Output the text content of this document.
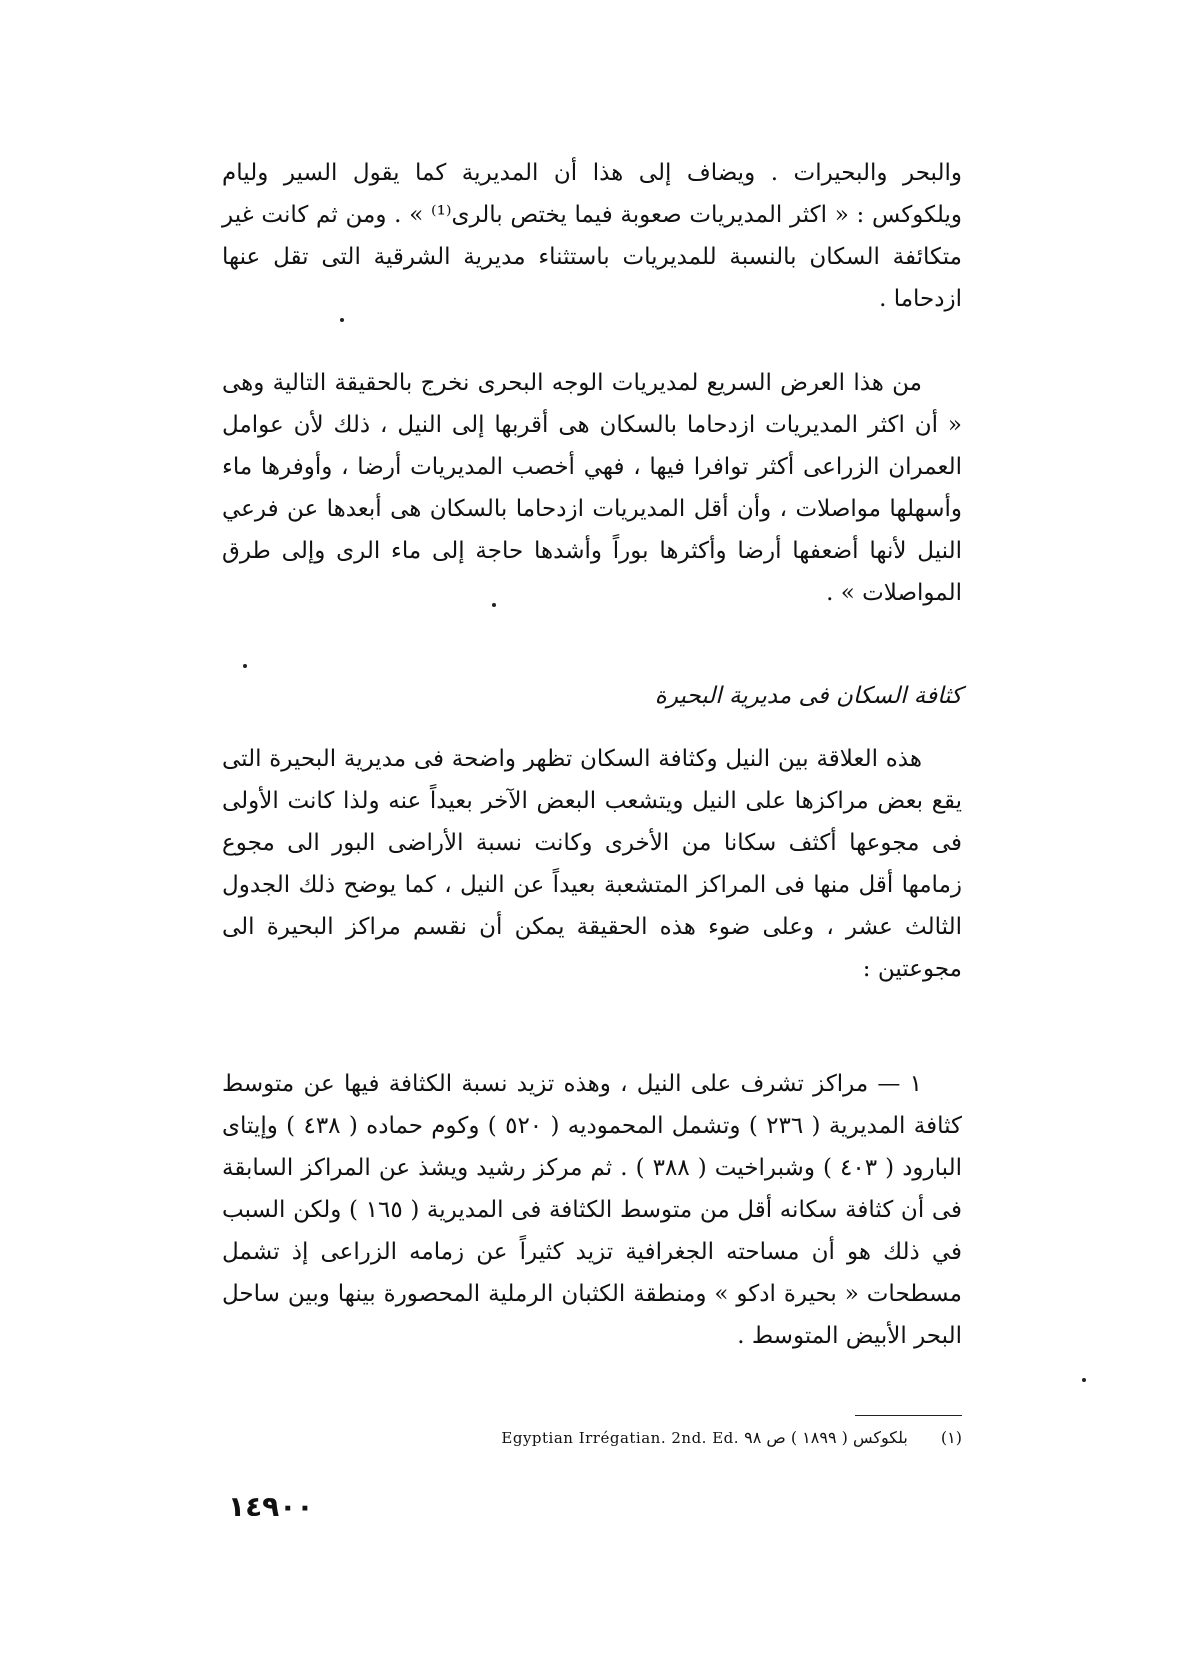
والبحر والبحيرات . ويضاف إلى هذا أن المديرية كما يقول السير وليام ويلكوكس : « اكثر المديريات صعوبة فيما يختص بالرى⁽¹⁾ » . ومن ثم كانت غير متكائفة السكان بالنسبة للمديريات باستثناء مديرية الشرقية التى تقل عنها ازدحاما .

من هذا العرض السريع لمديريات الوجه البحرى نخرج بالحقيقة التالية وهى « أن اكثر المديريات ازدحاما بالسكان هى أقربها إلى النيل ، ذلك لأن عوامل العمران الزراعى أكثر توافرا فيها ، فهي أخصب المديريات أرضا ، وأوفرها ماء وأسهلها مواصلات ، وأن أقل المديريات ازدحاما بالسكان هى أبعدها عن فرعي النيل لأنها أضعفها أرضا وأكثرها بوراً وأشدها حاجة إلى ماء الرى وإلى طرق المواصلات » .

كثافة السكان فى مديرية البحيرة

هذه العلاقة بين النيل وكثافة السكان تظهر واضحة فى مديرية البحيرة التى يقع بعض مراكزها على النيل ويتشعب البعض الآخر بعيداً عنه ولذا كانت الأولى فى مجوعها أكثف سكانا من الأخرى وكانت نسبة الأراضى البور الى مجوع زمامها أقل منها فى المراكز المتشعبة بعيداً عن النيل ، كما يوضح ذلك الجدول الثالث عشر ، وعلى ضوء هذه الحقيقة يمكن أن نقسم مراكز البحيرة الى مجوعتين :

١ — مراكز تشرف على النيل ، وهذه تزيد نسبة الكثافة فيها عن متوسط كثافة المديرية ( ٢٣٦ ) وتشمل المحموديه ( ٥٢٠ ) وكوم حماده ( ٤٣٨ ) وإيتاى البارود ( ٤٠٣ ) وشبراخيت ( ٣٨٨ ) . ثم مركز رشيد ويشذ عن المراكز السابقة فى أن كثافة سكانه أقل من متوسط الكثافة فى المديرية ( ١٦٥ ) ولكن السبب في ذلك هو أن مساحته الجغرافية تزيد كثيراً عن زمامه الزراعى إذ تشمل مسطحات « بحيرة ادكو » ومنطقة الكثبان الرملية المحصورة بينها وبين ساحل البحر الأبيض المتوسط .

(١) بلكوكس ( ١٨٩٩ ) ص ٩٨ Egyptian Irrégatian. 2nd. Ed.
١٤٩٠٠
